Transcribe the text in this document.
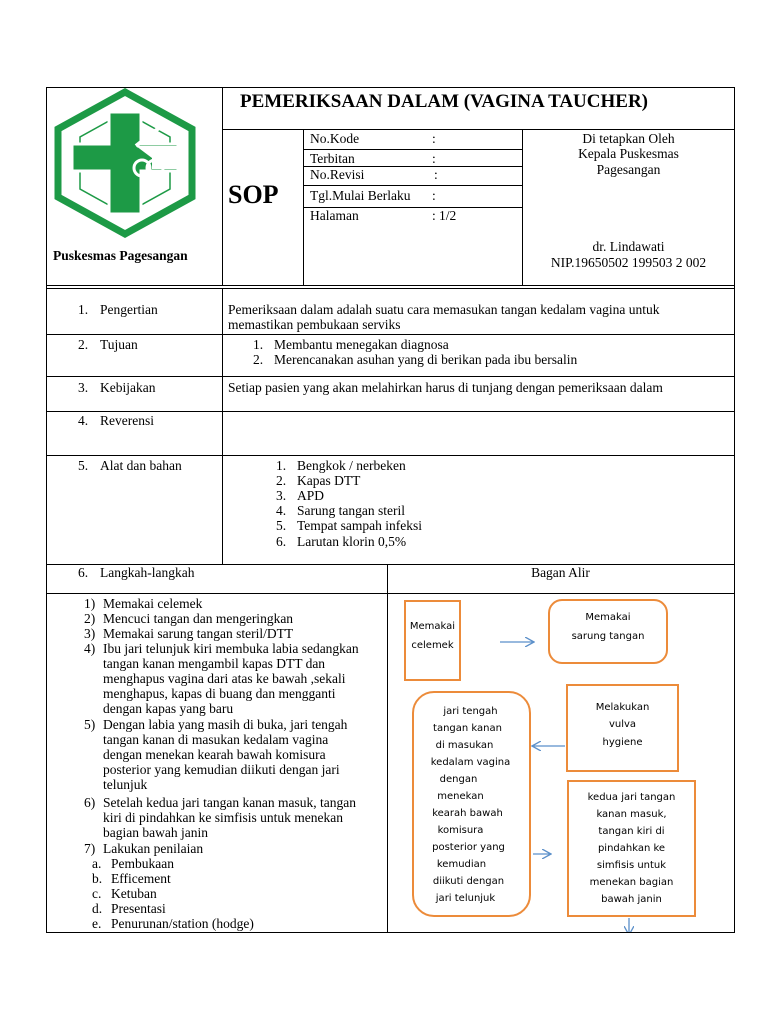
Puskesmas Pagesangan
PEMERIKSAAN DALAM (VAGINA TAUCHER)
SOP
No.Kode	:
Terbitan	:
No.Revisi	:
Tgl.Mulai Berlaku :
Halaman	: 1/2
Di tetapkan Oleh
Kepala Puskesmas
Pagesangan
dr. Lindawati
NIP.19650502 199503 2 002
1. Pengertian	Pemeriksaan dalam adalah suatu cara memasukan tangan kedalam vagina untuk
memastikan pembukaan serviks
2. Tujuan	1. Membantu menegakan diagnosa
2. Merencanakan asuhan yang di berikan pada ibu bersalin
3. Kebijakan	Setiap pasien yang akan melahirkan harus di tunjang dengan pemeriksaan dalam
4. Reverensi
5. Alat dan bahan	1. Bengkok / nerbeken
2. Kapas DTT
3. APD
4. Sarung tangan steril
5. Tempat sampah infeksi
6. Larutan klorin 0,5%
6. Langkah-langkah	Bagan Alir
1) Memakai celemek
2) Mencuci tangan dan mengeringkan
3) Memakai sarung tangan steril/DTT
4) Ibu jari telunjuk kiri membuka labia sedangkan
tangan kanan mengambil kapas DTT dan
menghapus vagina dari atas ke bawah ,sekali
menghapus, kapas di buang dan mengganti
dengan kapas yang baru
5) Dengan labia yang masih di buka, jari tengah
tangan kanan di masukan kedalam vagina
dengan menekan kearah bawah komisura
posterior yang kemudian diikuti dengan jari
telunjuk
6) Setelah kedua jari tangan kanan masuk, tangan
kiri di pindahkan ke simfisis untuk menekan
bagian bawah janin
7) Lakukan penilaian
a. Pembukaan
b. Efficement
c. Ketuban
d. Presentasi
e. Penurunan/station (hodge)
Memakai
celemek
Memakai
sarung tangan
Melakukan
vulva
hygiene
jari tengah
tangan kanan
di masukan
kedalam vagina
dengan
menekan
kearah bawah
komisura
posterior yang
kemudian
diikuti dengan
jari telunjuk
kedua jari tangan
kanan masuk,
tangan kiri di
pindahkan ke
simfisis untuk
menekan bagian
bawah janin
